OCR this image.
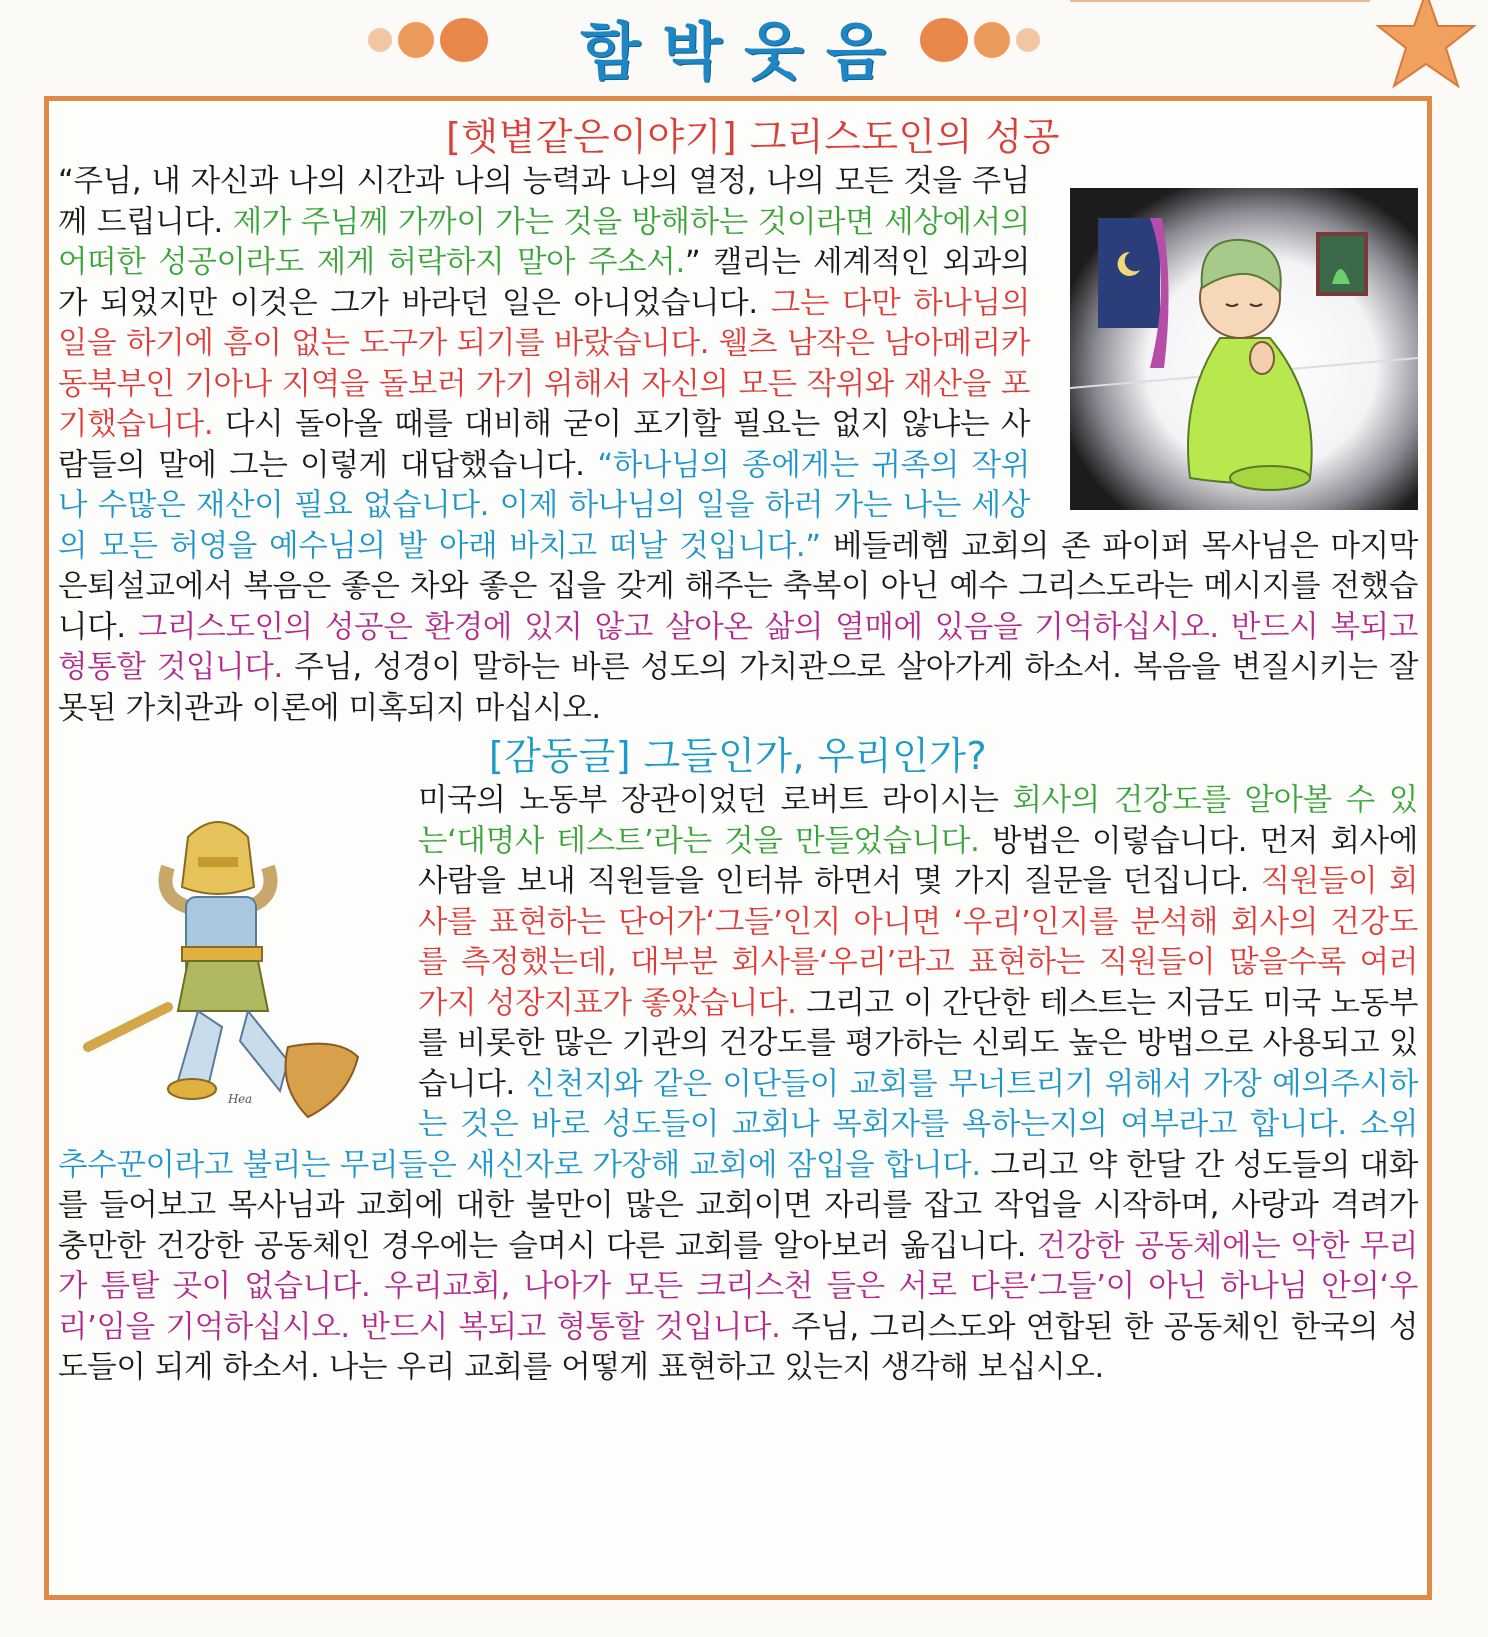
함박웃음
[햇볕같은이야기] 그리스도인의 성공

“주님, 내 자신과 나의 시간과 나의 능력과 나의 열정, 나의 모든 것을 주님께 드립니다. 제가 주님께 가까이 가는 것을 방해하는 것이라면 세상에서의 어떠한 성공이라도 제게 허락하지 말아 주소서.” 캘리는 세계적인 외과의가 되었지만 이것은 그가 바라던 일은 아니었습니다. 그는 다만 하나님의 일을 하기에 흠이 없는 도구가 되기를 바랐습니다. 웰츠 남작은 남아메리카 동북부인 기아나 지역을 돌보러 가기 위해서 자신의 모든 작위와 재산을 포기했습니다. 다시 돌아올 때를 대비해 굳이 포기할 필요는 없지 않냐는 사람들의 말에 그는 이렇게 대답했습니다. “하나님의 종에게는 귀족의 작위나 수많은 재산이 필요 없습니다. 이제 하나님의 일을 하러 가는 나는 세상의 모든 허영을 예수님의 발 아래 바치고 떠날 것입니다.” 베들레헴 교회의 존 파이퍼 목사님은 마지막 은퇴설교에서 복음은 좋은 차와 좋은 집을 갖게 해주는 축복이 아닌 예수 그리스도라는 메시지를 전했습니다. 그리스도인의 성공은 환경에 있지 않고 살아온 삶의 열매에 있음을 기억하십시오. 반드시 복되고 형통할 것입니다. 주님, 성경이 말하는 바른 성도의 가치관으로 살아가게 하소서. 복음을 변질시키는 잘못된 가치관과 이론에 미혹되지 마십시오.

[감동글] 그들인가, 우리인가?
Hea

미국의 노동부 장관이었던 로버트 라이시는 회사의 건강도를 알아볼 수 있는‘대명사 테스트’라는 것을 만들었습니다. 방법은 이렇습니다. 먼저 회사에 사람을 보내 직원들을 인터뷰 하면서 몇 가지 질문을 던집니다. 직원들이 회사를 표현하는 단어가‘그들’인지 아니면 ‘우리’인지를 분석해 회사의 건강도를 측정했는데, 대부분 회사를‘우리’라고 표현하는 직원들이 많을수록 여러 가지 성장지표가 좋았습니다. 그리고 이 간단한 테스트는 지금도 미국 노동부를 비롯한 많은 기관의 건강도를 평가하는 신뢰도 높은 방법으로 사용되고 있습니다. 신천지와 같은 이단들이 교회를 무너트리기 위해서 가장 예의주시하는 것은 바로 성도들이 교회나 목회자를 욕하는지의 여부라고 합니다. 소위 추수꾼이라고 불리는 무리들은 새신자로 가장해 교회에 잠입을 합니다. 그리고 약 한달 간 성도들의 대화를 들어보고 목사님과 교회에 대한 불만이 많은 교회이면 자리를 잡고 작업을 시작하며, 사랑과 격려가 충만한 건강한 공동체인 경우에는 슬며시 다른 교회를 알아보러 옮깁니다. 건강한 공동체에는 악한 무리가 틈탈 곳이 없습니다. 우리교회, 나아가 모든 크리스천 들은 서로 다른‘그들’이 아닌 하나님 안의‘우리’임을 기억하십시오. 반드시 복되고 형통할 것입니다. 주님, 그리스도와 연합된 한 공동체인 한국의 성도들이 되게 하소서. 나는 우리 교회를 어떻게 표현하고 있는지 생각해 보십시오.
